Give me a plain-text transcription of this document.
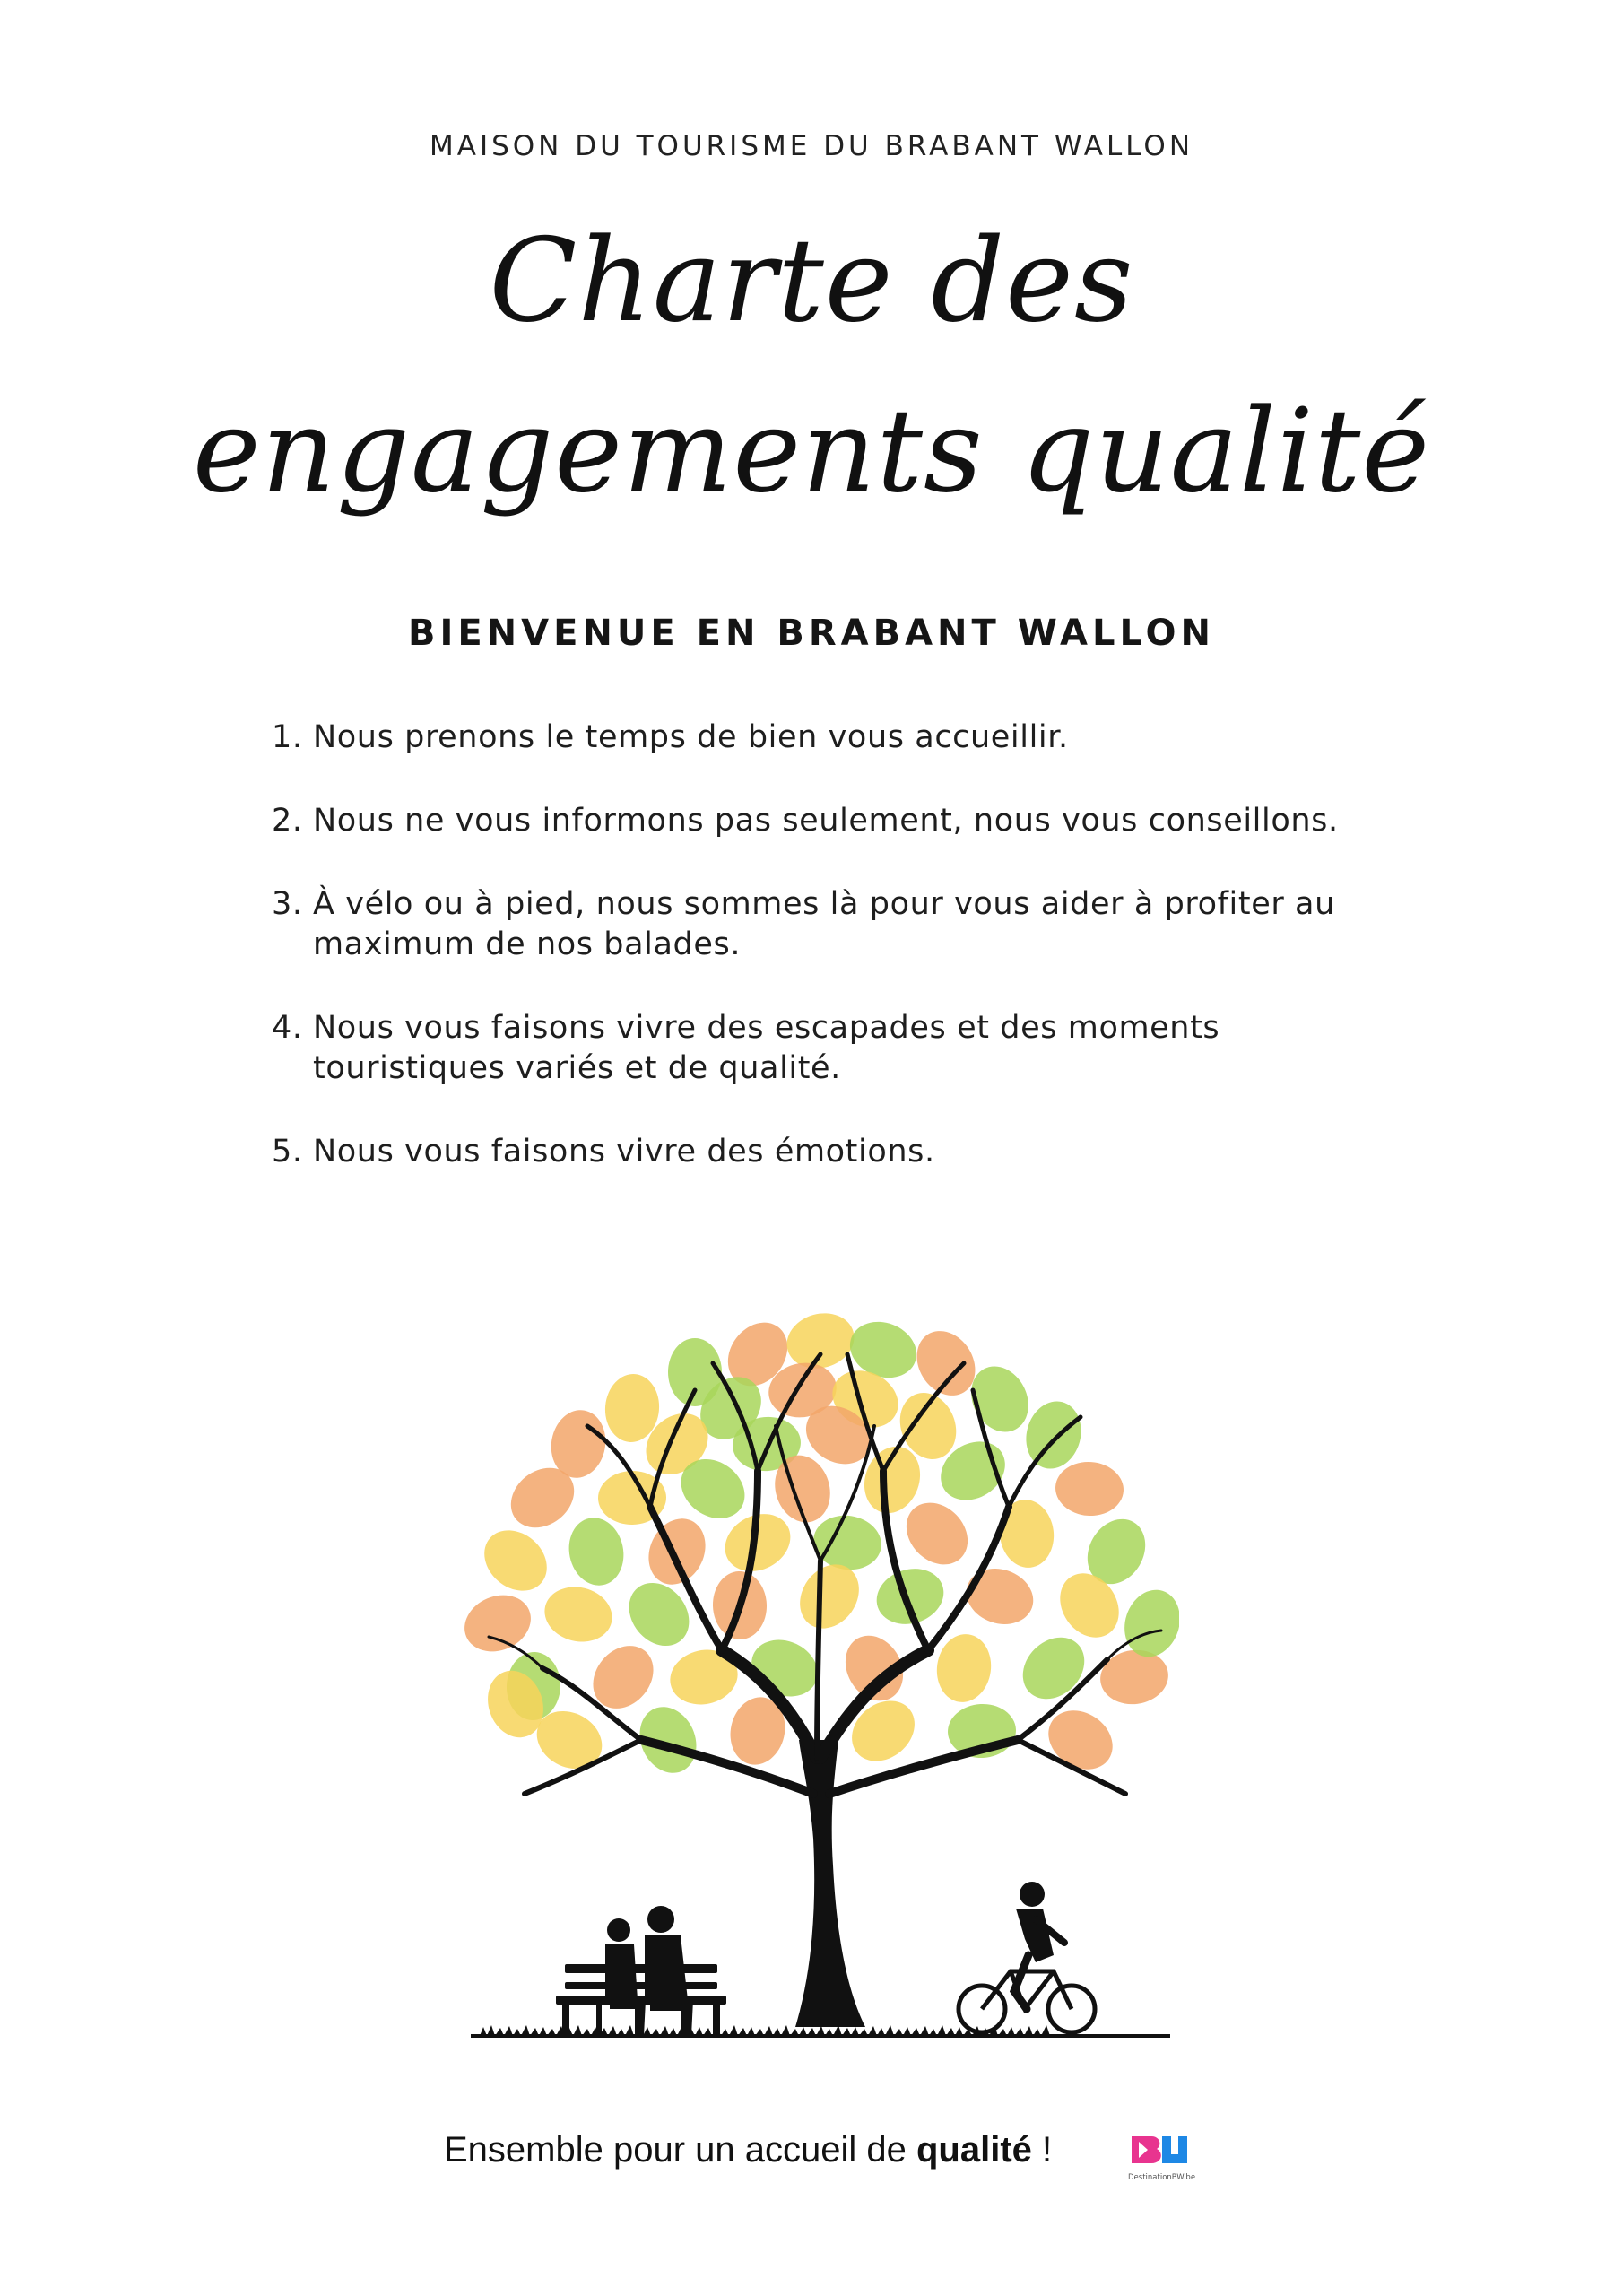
MAISON DU TOURISME DU BRABANT WALLON
Charte des
engagements qualité
BIENVENUE EN BRABANT WALLON
1. Nous prenons le temps de bien vous accueillir.
2. Nous ne vous informons pas seulement, nous vous conseillons.
3. À vélo ou à pied, nous sommes là pour vous aider à profiter au maximum de nos balades.
4. Nous vous faisons vivre des escapades et des moments touristiques variés et de qualité.
5. Nous vous faisons vivre des émotions.
Ensemble pour un accueil de qualité !
DestinationBW.be
